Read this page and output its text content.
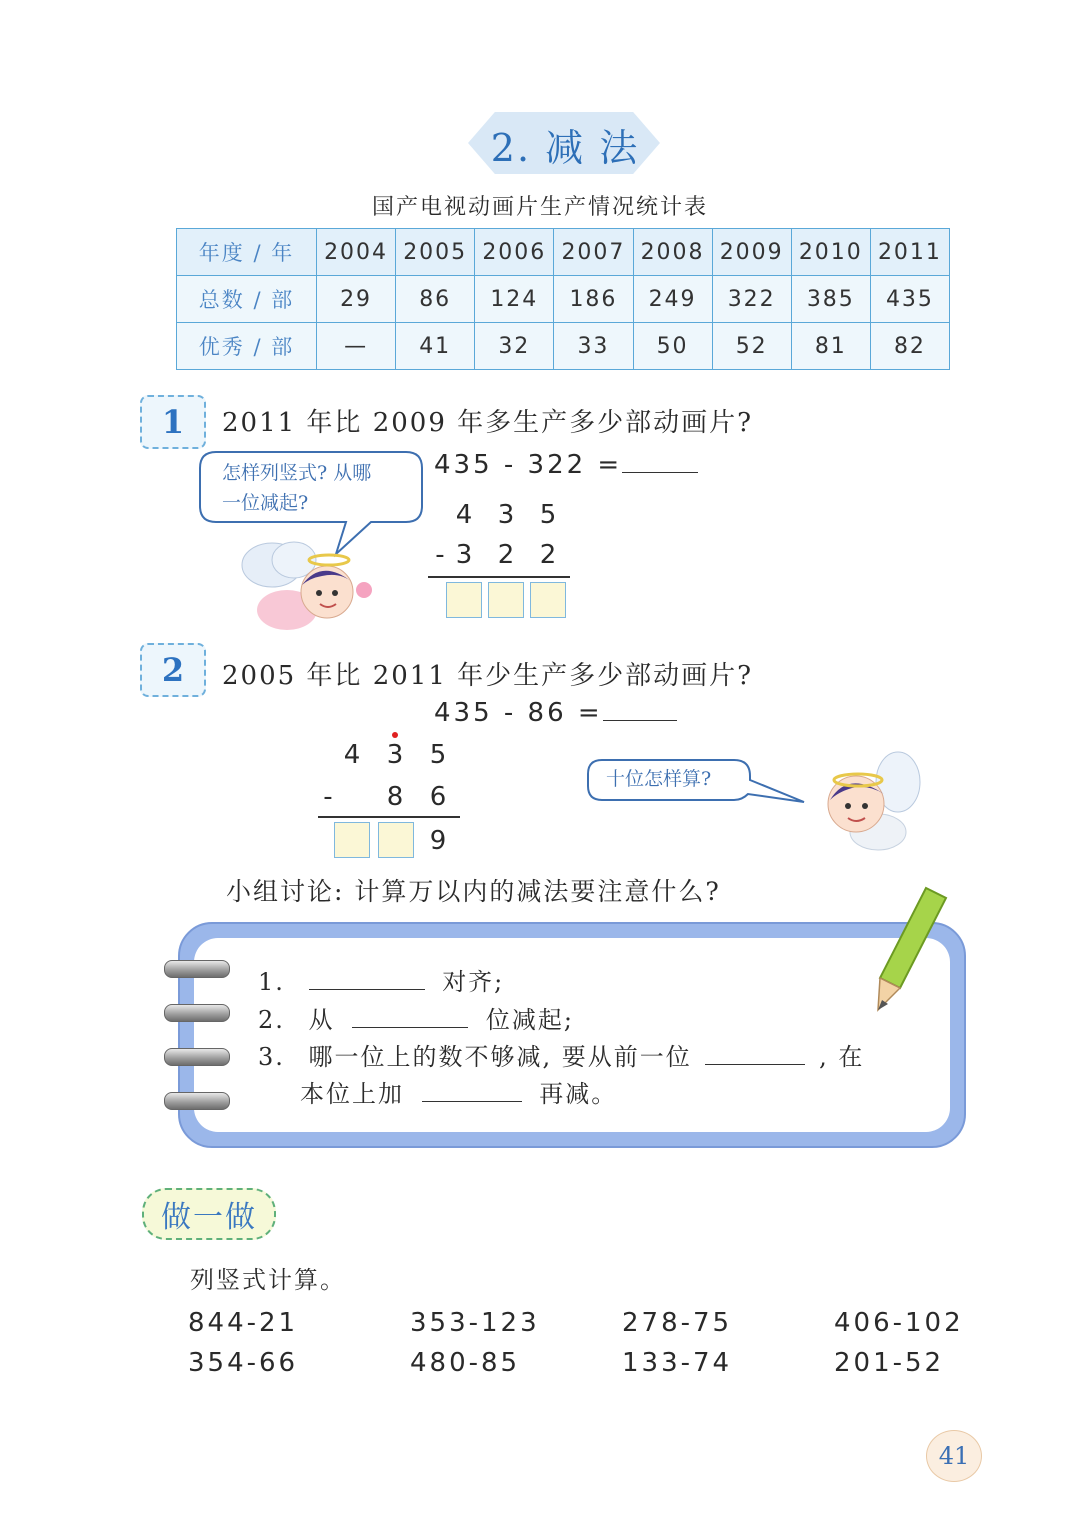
2. 减 法
国产电视动画片生产情况统计表
年度 / 年	2004	2005	2006	2007	2008	2009	2010	2011
总数 / 部	29	86	124	186	249	322	385	435
优秀 / 部	—	41	32	33	50	52	81	82
1	2011 年比 2009 年多生产多少部动画片?
435 - 322 =
怎样列竖式? 从哪
一位减起?	4 3 5
- 3 2 2
2	2005 年比 2011 年少生产多少部动画片?
435 - 86 =
4 3 5
- 8 6
9
十位怎样算?
小组讨论: 计算万以内的减法要注意什么?
1.	对齐;
2. 从	位减起;
3. 哪一位上的数不够减, 要从前一位	, 在
本位上加	再减。
做一做
列竖式计算。
844-21	353-123	278-75	406-102
354-66	480-85	133-74	201-52
41
